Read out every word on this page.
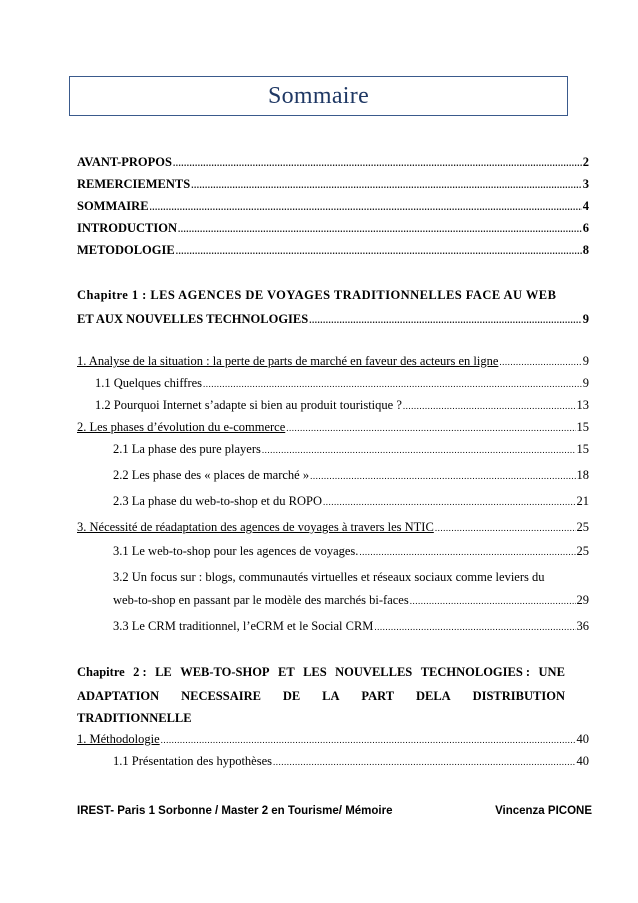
Sommaire
AVANT-PROPOS .....	2
REMERCIEMENTS .....	3
SOMMAIRE .....	4
INTRODUCTION .....	6
METODOLOGIE .....	8
Chapitre 1 : LES AGENCES DE VOYAGES TRADITIONNELLES FACE AU WEB
ET AUX NOUVELLES TECHNOLOGIES .....	9
1. Analyse de la situation : la perte de parts de marché en faveur des acteurs en ligne .....	9
1.1 Quelques chiffres .....	9
1.2 Pourquoi Internet s’adapte si bien au produit touristique ? .....	13
2. Les phases d’évolution du e-commerce .....	15
2.1 La phase des pure players .....	15
2.2 Les phase des « places de marché » .....	18
2.3 La phase du web-to-shop et du ROPO .....	21
3. Nécessité de réadaptation des agences de voyages à travers les NTIC .....	25
3.1 Le web-to-shop pour les agences de voyages. .....	25
3.2 Un focus sur : blogs, communautés virtuelles et réseaux sociaux comme leviers du
web-to-shop en passant par le modèle des marchés bi-faces .....	29
3.3 Le CRM traditionnel, l’eCRM et le Social CRM .....	36
Chapitre 2 : LE WEB-TO-SHOP ET LES NOUVELLES TECHNOLOGIES : UNE
ADAPTATION NECESSAIRE DE LA PART DELA DISTRIBUTION
TRADITIONNELLE
1. Méthodologie .....	40
1.1 Présentation des hypothèses .....	40
IREST- Paris 1 Sorbonne / Master 2 en Tourisme/ Mémoire	Vincenza PICONE
